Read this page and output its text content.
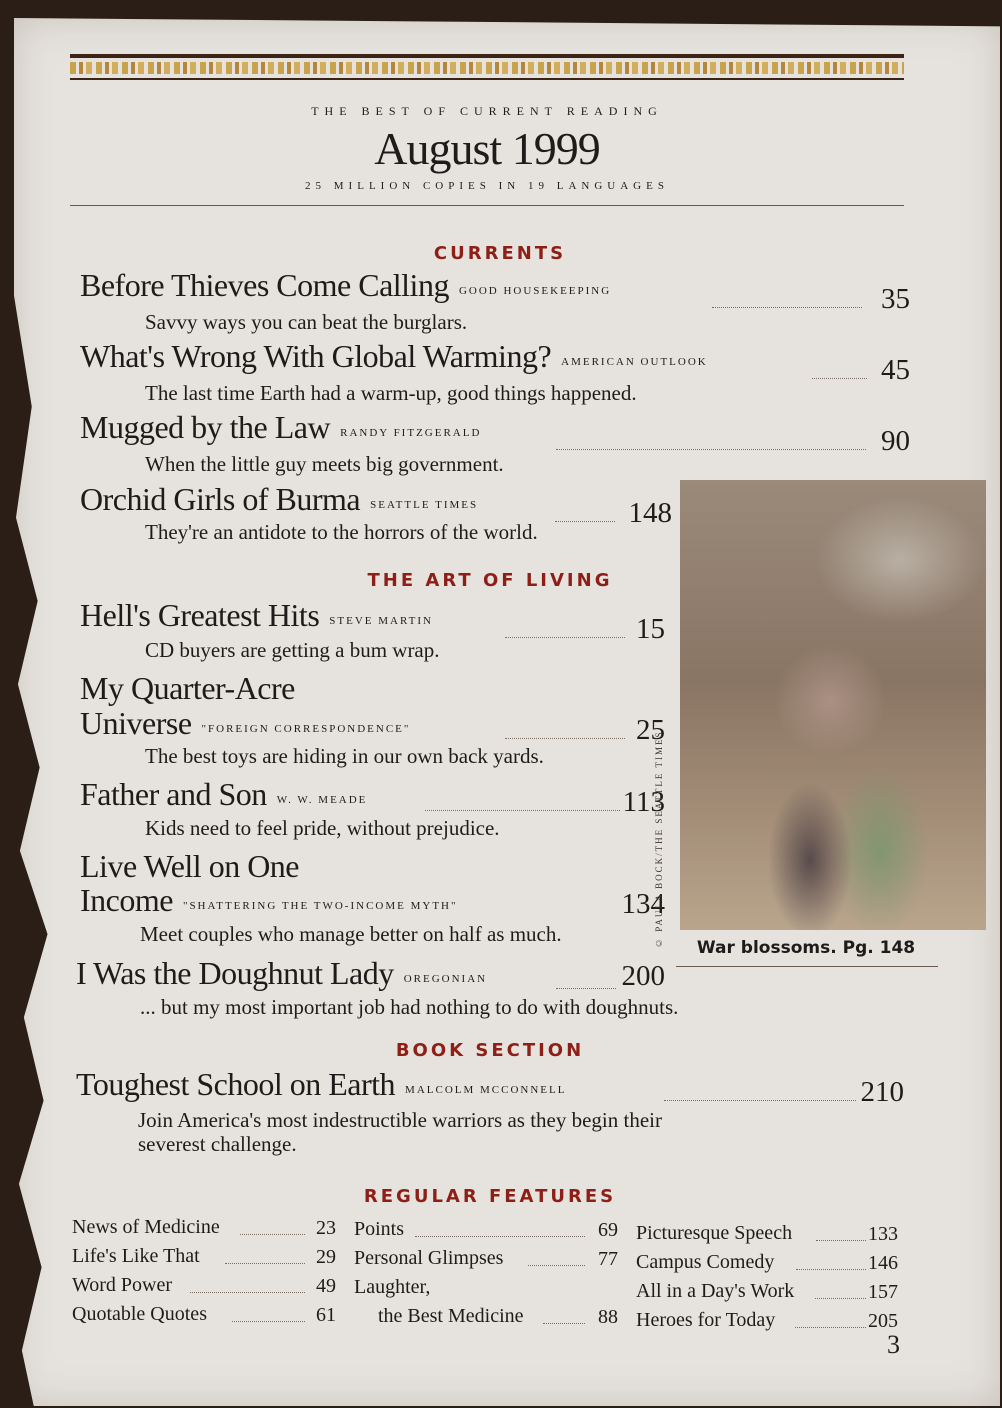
THE BEST OF CURRENT READING
August 1999
25 MILLION COPIES IN 19 LANGUAGES
CURRENTS
Before Thieves Come Calling GOOD HOUSEKEEPING	35
Savvy ways you can beat the burglars.
What's Wrong With Global Warming? AMERICAN OUTLOOK	45
The last time Earth had a warm-up, good things happened.
Mugged by the Law RANDY FITZGERALD	90
When the little guy meets big government.
Orchid Girls of Burma SEATTLE TIMES	148
They're an antidote to the horrors of the world.
THE ART OF LIVING
Hell's Greatest Hits STEVE MARTIN	15
CD buyers are getting a bum wrap.
My Quarter-Acre
Universe "FOREIGN CORRESPONDENCE"	25
The best toys are hiding in our own back yards.
Father and Son W. W. MEADE	113
Kids need to feel pride, without prejudice.
Live Well on One
Income "SHATTERING THE TWO-INCOME MYTH"	134
Meet couples who manage better on half as much.
I Was the Doughnut Lady OREGONIAN	200
... but my most important job had nothing to do with doughnuts.
© PAULA BOCK/THE SEATTLE TIMES	War blossoms. Pg. 148
BOOK SECTION
Toughest School on Earth MALCOLM MCCONNELL	210
Join America's most indestructible warriors as they begin their
severest challenge.
REGULAR FEATURES
News of Medicine	23
Life's Like That	29
Word Power	49
Quotable Quotes	61
Points	69
Personal Glimpses	77
Laughter,
the Best Medicine	88
Picturesque Speech	133
Campus Comedy	146
All in a Day's Work	157
Heroes for Today	205
3
